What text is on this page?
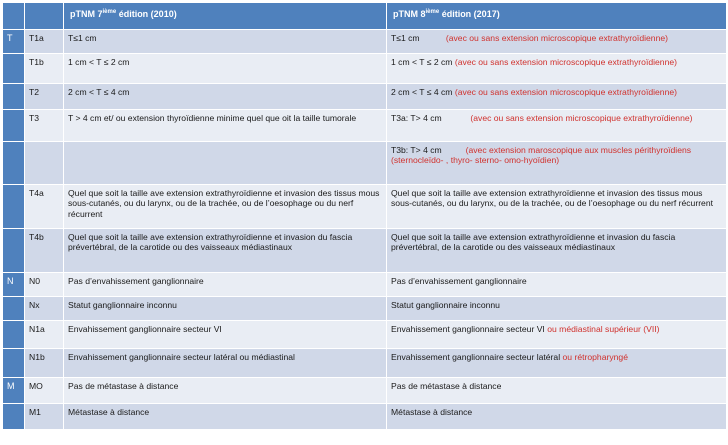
		pTNM 7ième édition (2010)	pTNM 8ième édition (2017)
T	T1a	T≤1 cm	T≤1 cm (avec ou sans extension microscopique extrathyroïdienne)
	T1b	1 cm < T ≤ 2 cm	1 cm < T ≤ 2 cm (avec ou sans extension microscopique extrathyroïdienne)
	T2	2 cm < T ≤ 4 cm	2 cm < T ≤ 4 cm (avec ou sans extension microscopique extrathyroïdienne)
	T3	T > 4 cm et/ ou extension thyroïdienne minime quel que oit la taille tumorale	T3a: T> 4 cm (avec ou sans extension microscopique extrathyroïdienne)
			T3b: T> 4 cm (avec extension maroscopique aux muscles périthyroïdiens (sternocleïdo- , thyro- sterno- omo-hyoïdien)
	T4a	Quel que soit la taille ave extension extrathyroïdienne et invasion des tissus mous sous-cutanés, ou du larynx, ou de la trachée, ou de l’oesophage ou du nerf récurrent	Quel que soit la taille ave extension extrathyroïdienne et invasion des tissus mous sous-cutanés, ou du larynx, ou de la trachée, ou de l’oesophage ou du nerf récurrent
	T4b	Quel que soit la taille ave extension extrathyroïdienne et invasion du fascia prévertébral, de la carotide ou des vaisseaux médiastinaux	Quel que soit la taille ave extension extrathyroïdienne et invasion du fascia prévertébral, de la carotide ou des vaisseaux médiastinaux
N	N0	Pas d’envahissement ganglionnaire	Pas d’envahissement ganglionnaire
	Nx	Statut ganglionnaire inconnu	Statut ganglionnaire inconnu
	N1a	Envahissement ganglionnaire secteur VI	Envahissement ganglionnaire secteur VI ou médiastinal supérieur (VII)
	N1b	Envahissement ganglionnaire secteur latéral ou médiastinal	Envahissement ganglionnaire secteur latéral ou rétropharyngé
M	MO	Pas de métastase à distance	Pas de métastase à distance
	M1	Métastase à distance	Métastase à distance
